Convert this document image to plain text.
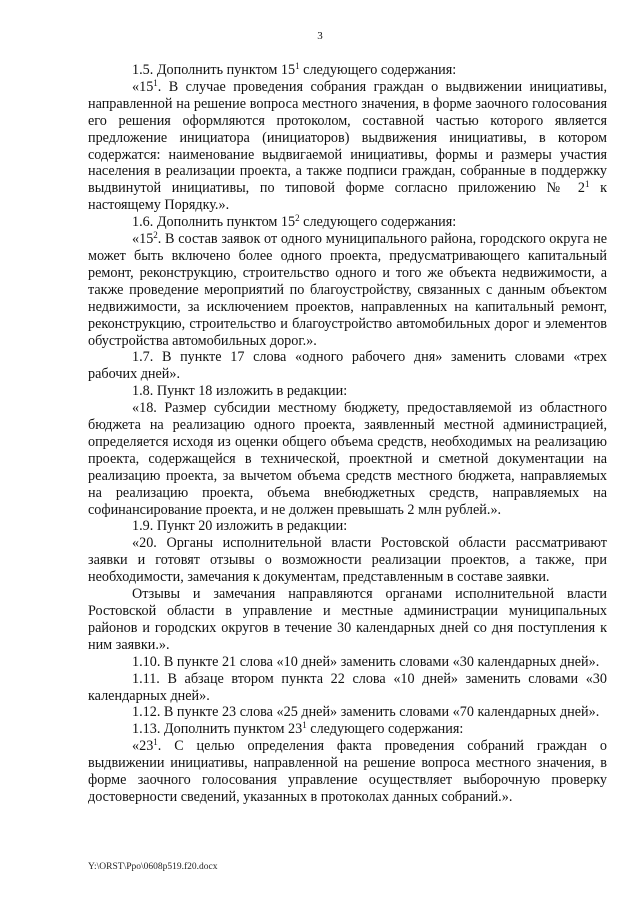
3

1.5. Дополнить пунктом $15^1$ следующего содержания:

«$15^1$. В случае проведения собрания граждан о выдвижении инициативы, направленной на решение вопроса местного значения, в форме заочного голосования его решения оформляются протоколом, составной частью которого является предложение инициатора (инициаторов) выдвижения инициативы, в котором содержатся: наименование выдвигаемой инициативы, формы и размеры участия населения в реализации проекта, а также подписи граждан, собранные в поддержку выдвинутой инициативы, по типовой форме согласно приложению № $2^1$ к настоящему Порядку.».

1.6. Дополнить пунктом $15^2$ следующего содержания:

«$15^2$. В состав заявок от одного муниципального района, городского округа не может быть включено более одного проекта, предусматривающего капитальный ремонт, реконструкцию, строительство одного и того же объекта недвижимости, а также проведение мероприятий по благоустройству, связанных с данным объектом недвижимости, за исключением проектов, направленных на капитальный ремонт, реконструкцию, строительство и благоустройство автомобильных дорог и элементов обустройства автомобильных дорог.».

1.7. В пункте 17 слова «одного рабочего дня» заменить словами «трех рабочих дней».

1.8. Пункт 18 изложить в редакции:

«18. Размер субсидии местному бюджету, предоставляемой из областного бюджета на реализацию одного проекта, заявленный местной администрацией, определяется исходя из оценки общего объема средств, необходимых на реализацию проекта, содержащейся в технической, проектной и сметной документации на реализацию проекта, за вычетом объема средств местного бюджета, направляемых на реализацию проекта, объема внебюджетных средств, направляемых на софинансирование проекта, и не должен превышать 2 млн рублей.».

1.9. Пункт 20 изложить в редакции:

«20. Органы исполнительной власти Ростовской области рассматривают заявки и готовят отзывы о возможности реализации проектов, а также, при необходимости, замечания к документам, представленным в составе заявки.

Отзывы и замечания направляются органами исполнительной власти Ростовской области в управление и местные администрации муниципальных районов и городских округов в течение 30 календарных дней со дня поступления к ним заявки.».

1.10. В пункте 21 слова «10 дней» заменить словами «30 календарных дней».

1.11. В абзаце втором пункта 22 слова «10 дней» заменить словами «30 календарных дней».

1.12. В пункте 23 слова «25 дней» заменить словами «70 календарных дней».

1.13. Дополнить пунктом $23^1$ следующего содержания:

«$23^1$. С целью определения факта проведения собраний граждан о выдвижении инициативы, направленной на решение вопроса местного значения, в форме заочного голосования управление осуществляет выборочную проверку достоверности сведений, указанных в протоколах данных собраний.».

Y:\ORST\Ppo\0608p519.f20.docx
